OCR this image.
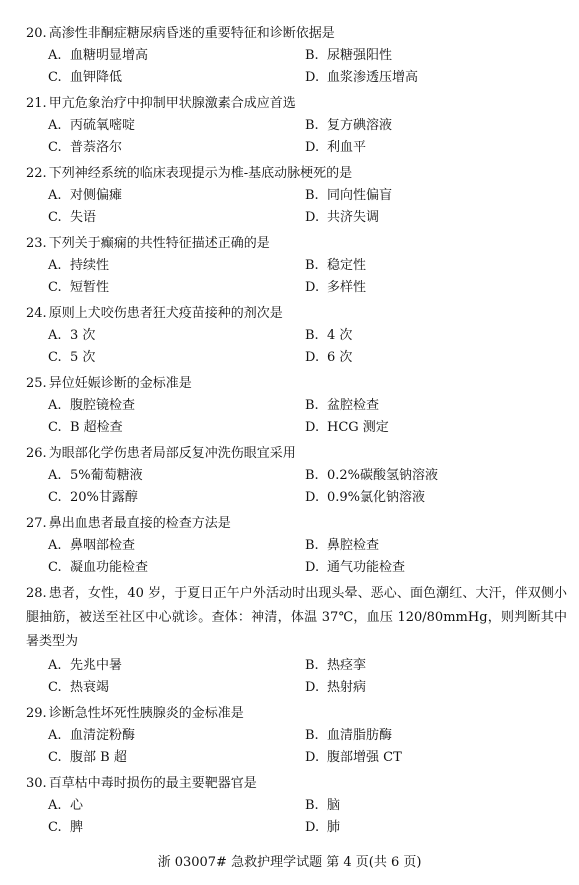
20. 高渗性非酮症糖尿病昏迷的重要特征和诊断依据是
A. 血糖明显增高	B. 尿糖强阳性
C. 血钾降低	D. 血浆渗透压增高
21. 甲亢危象治疗中抑制甲状腺激素合成应首选
A. 丙硫氧嘧啶	B. 复方碘溶液
C. 普萘洛尔	D. 利血平
22. 下列神经系统的临床表现提示为椎-基底动脉梗死的是
A. 对侧偏瘫	B. 同向性偏盲
C. 失语	D. 共济失调
23. 下列关于癫痫的共性特征描述正确的是
A. 持续性	B. 稳定性
C. 短暂性	D. 多样性
24. 原则上犬咬伤患者狂犬疫苗接种的剂次是
A. 3 次	B. 4 次
C. 5 次	D. 6 次
25. 异位妊娠诊断的金标准是
A. 腹腔镜检查	B. 盆腔检查
C. B 超检查	D. HCG 测定
26. 为眼部化学伤患者局部反复冲洗伤眼宜采用
A. 5%葡萄糖液	B. 0.2%碳酸氢钠溶液
C. 20%甘露醇	D. 0.9%氯化钠溶液
27. 鼻出血患者最直接的检查方法是
A. 鼻咽部检查	B. 鼻腔检查
C. 凝血功能检查	D. 通气功能检查
28. 患者，女性，40 岁，于夏日正午户外活动时出现头晕、恶心、面色潮红、大汗，伴双侧小腿抽筋，被送至社区中心就诊。查体：神清，体温 37℃，血压 120/80mmHg，则判断其中暑类型为
A. 先兆中暑	B. 热痉挛
C. 热衰竭	D. 热射病
29. 诊断急性坏死性胰腺炎的金标准是
A. 血清淀粉酶	B. 血清脂肪酶
C. 腹部 B 超	D. 腹部增强 CT
30. 百草枯中毒时损伤的最主要靶器官是
A. 心	B. 脑
C. 脾	D. 肺
浙 03007# 急救护理学试题 第 4 页(共 6 页)
